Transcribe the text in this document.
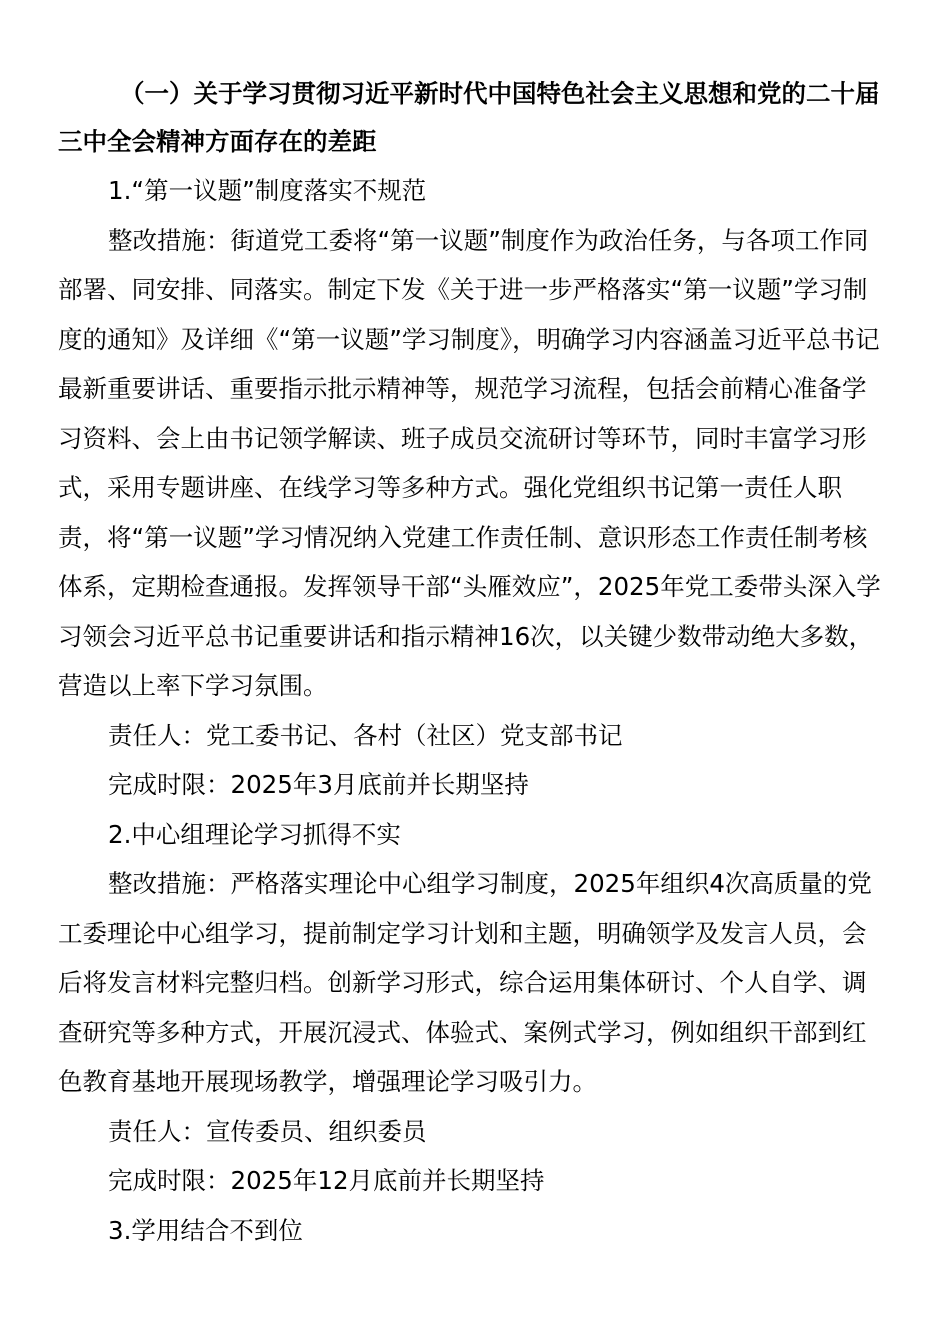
（一）关于学习贯彻习近平新时代中国特色社会主义思想和党的二十届三中全会精神方面存在的差距

1.“第一议题”制度落实不规范

整改措施：街道党工委将“第一议题”制度作为政治任务，与各项工作同部署、同安排、同落实。制定下发《关于进一步严格落实“第一议题”学习制度的通知》及详细《“第一议题”学习制度》，明确学习内容涵盖习近平总书记最新重要讲话、重要指示批示精神等，规范学习流程，包括会前精心准备学习资料、会上由书记领学解读、班子成员交流研讨等环节，同时丰富学习形式，采用专题讲座、在线学习等多种方式。强化党组织书记第一责任人职责，将“第一议题”学习情况纳入党建工作责任制、意识形态工作责任制考核体系，定期检查通报。发挥领导干部“头雁效应”，2025年党工委带头深入学习领会习近平总书记重要讲话和指示精神16次，以关键少数带动绝大多数，营造以上率下学习氛围。

责任人：党工委书记、各村（社区）党支部书记

完成时限：2025年3月底前并长期坚持

2.中心组理论学习抓得不实

整改措施：严格落实理论中心组学习制度，2025年组织4次高质量的党工委理论中心组学习，提前制定学习计划和主题，明确领学及发言人员，会后将发言材料完整归档。创新学习形式，综合运用集体研讨、个人自学、调查研究等多种方式，开展沉浸式、体验式、案例式学习，例如组织干部到红色教育基地开展现场教学，增强理论学习吸引力。

责任人：宣传委员、组织委员

完成时限：2025年12月底前并长期坚持

3.学用结合不到位
